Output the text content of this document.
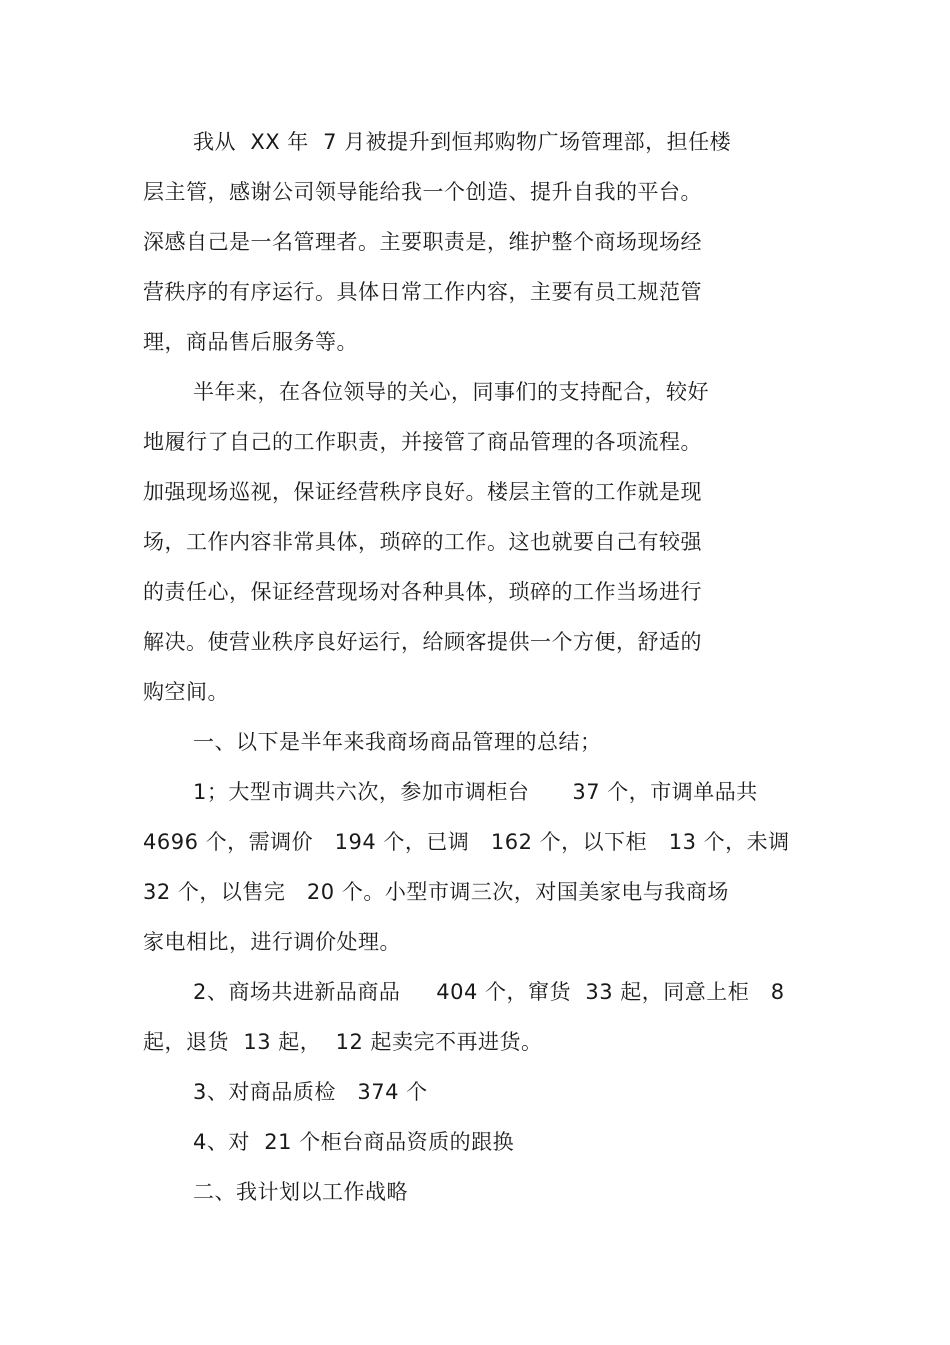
我从  XX 年  7 月被提升到恒邦购物广场管理部，担任楼
层主管，感谢公司领导能给我一个创造、提升自我的平台。
深感自己是一名管理者。主要职责是，维护整个商场现场经
营秩序的有序运行。具体日常工作内容，主要有员工规范管
理，商品售后服务等。
半年来，在各位领导的关心，同事们的支持配合，较好
地履行了自己的工作职责，并接管了商品管理的各项流程。
加强现场巡视，保证经营秩序良好。楼层主管的工作就是现
场，工作内容非常具体，琐碎的工作。这也就要自己有较强
的责任心，保证经营现场对各种具体，琐碎的工作当场进行
解决。使营业秩序良好运行，给顾客提供一个方便，舒适的
购空间。
一、以下是半年来我商场商品管理的总结；
1；大型市调共六次，参加市调柜台      37 个，市调单品共
4696 个，需调价   194 个，已调   162 个，以下柜   13 个，未调
32 个，以售完   20 个。小型市调三次，对国美家电与我商场
家电相比，进行调价处理。
2、商场共进新品商品     404 个，窜货  33 起，同意上柜   8
起，退货  13 起，  12 起卖完不再进货。
3、对商品质检   374 个
4、对  21 个柜台商品资质的跟换
二、我计划以工作战略
